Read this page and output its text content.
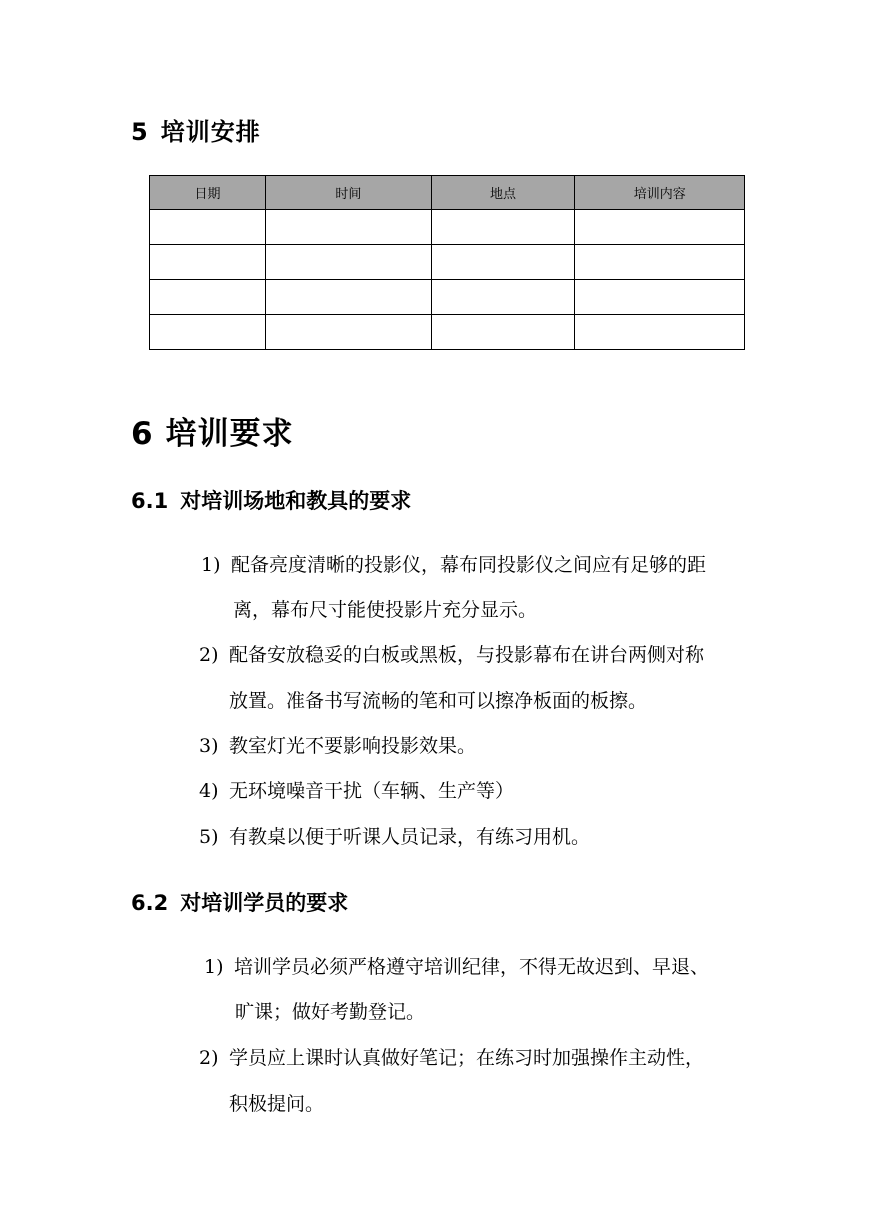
5 培训安排
日期	时间	地点	培训内容

6 培训要求
6.1 对培训场地和教具的要求
1) 配备亮度清晰的投影仪，幕布同投影仪之间应有足够的距
离，幕布尺寸能使投影片充分显示。
2) 配备安放稳妥的白板或黑板，与投影幕布在讲台两侧对称
放置。准备书写流畅的笔和可以擦净板面的板擦。
3) 教室灯光不要影响投影效果。
4) 无环境噪音干扰（车辆、生产等）
5) 有教桌以便于听课人员记录，有练习用机。
6.2 对培训学员的要求
1) 培训学员必须严格遵守培训纪律，不得无故迟到、早退、
旷课；做好考勤登记。
2) 学员应上课时认真做好笔记；在练习时加强操作主动性，
积极提问。
